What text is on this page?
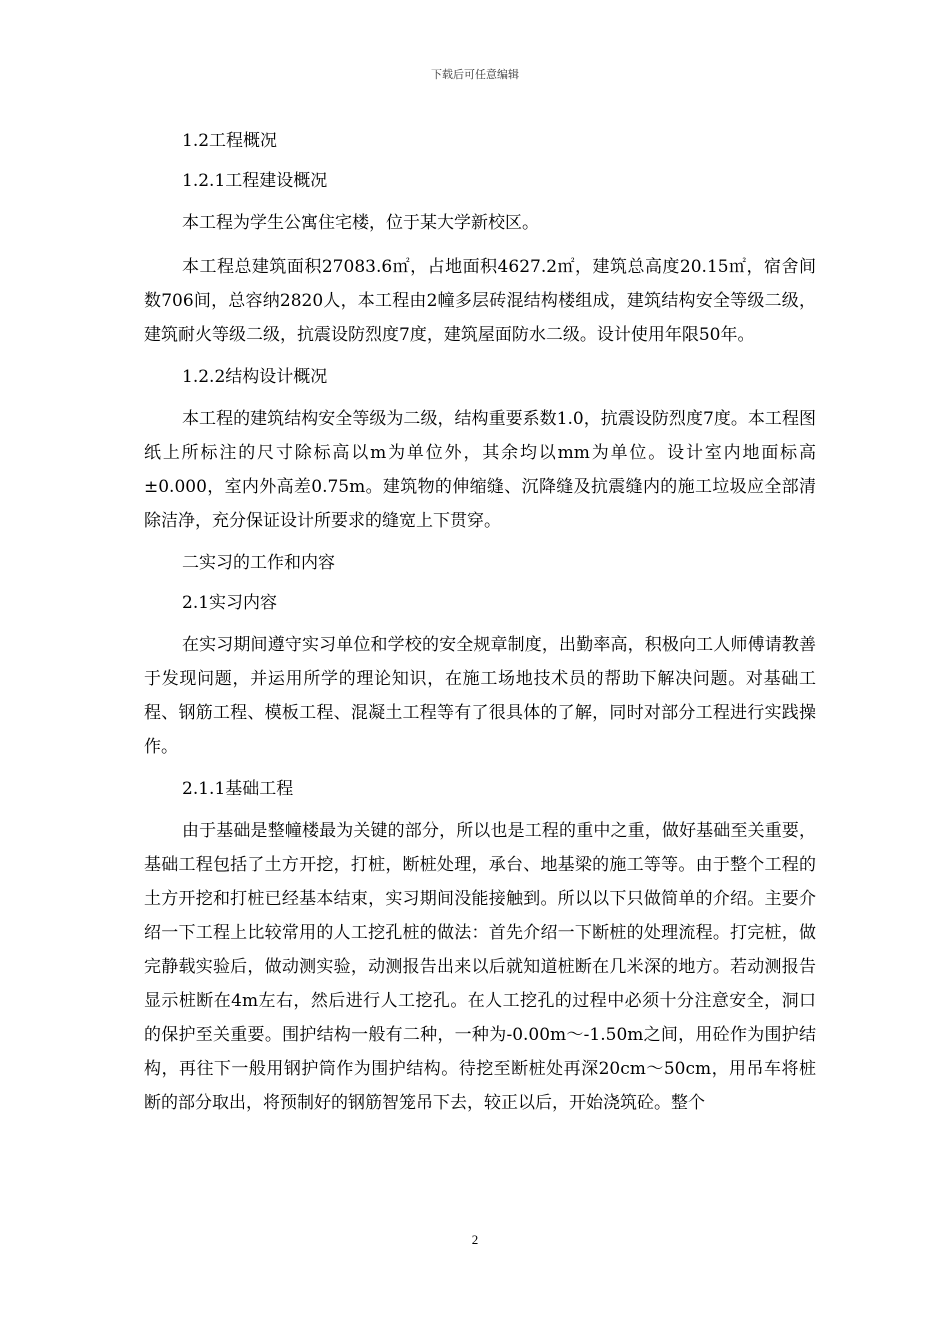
下载后可任意编辑
1.2工程概况
1.2.1工程建设概况
本工程为学生公寓住宅楼，位于某大学新校区。
本工程总建筑面积27083.6㎡，占地面积4627.2㎡，建筑总高度20.15㎡，宿舍间数706间，总容纳2820人，本工程由2幢多层砖混结构楼组成，建筑结构安全等级二级，建筑耐火等级二级，抗震设防烈度7度，建筑屋面防水二级。设计使用年限50年。
1.2.2结构设计概况
本工程的建筑结构安全等级为二级，结构重要系数1.0，抗震设防烈度7度。本工程图纸上所标注的尺寸除标高以m为单位外，其余均以mm为单位。设计室内地面标高±0.000，室内外高差0.75m。建筑物的伸缩缝、沉降缝及抗震缝内的施工垃圾应全部清除洁净，充分保证设计所要求的缝宽上下贯穿。
二实习的工作和内容
2.1实习内容
在实习期间遵守实习单位和学校的安全规章制度，出勤率高，积极向工人师傅请教善于发现问题，并运用所学的理论知识，在施工场地技术员的帮助下解决问题。对基础工程、钢筋工程、模板工程、混凝土工程等有了很具体的了解，同时对部分工程进行实践操作。
2.1.1基础工程
由于基础是整幢楼最为关键的部分，所以也是工程的重中之重，做好基础至关重要，基础工程包括了土方开挖，打桩，断桩处理，承台、地基梁的施工等等。由于整个工程的土方开挖和打桩已经基本结束，实习期间没能接触到。所以以下只做简单的介绍。主要介绍一下工程上比较常用的人工挖孔桩的做法：首先介绍一下断桩的处理流程。打完桩，做完静载实验后，做动测实验，动测报告出来以后就知道桩断在几米深的地方。若动测报告显示桩断在4m左右，然后进行人工挖孔。在人工挖孔的过程中必须十分注意安全，洞口的保护至关重要。围护结构一般有二种，一种为-0.00m～-1.50m之间，用砼作为围护结构，再往下一般用钢护筒作为围护结构。待挖至断桩处再深20cm～50cm，用吊车将桩断的部分取出，将预制好的钢筋智笼吊下去，较正以后，开始浇筑砼。整个
2
